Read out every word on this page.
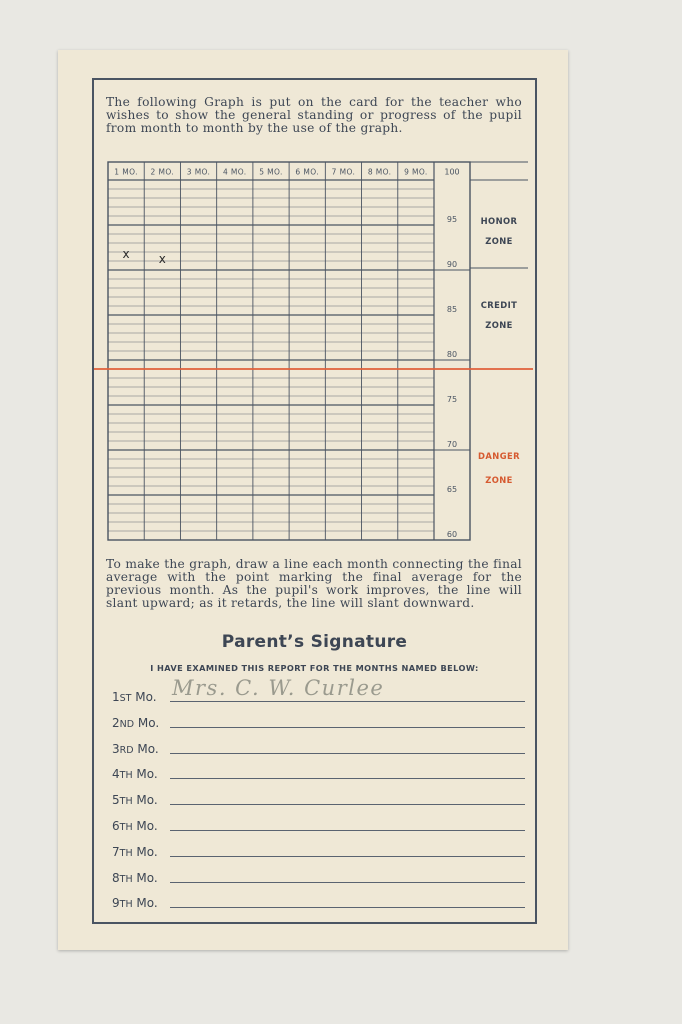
The following Graph is put on the card for the teacher who wishes to show the general standing or progress of the pupil from month to month by the use of the graph.
1 MO. 2 MO. 3 MO. 4 MO. 5 MO. 6 MO. 7 MO. 8 MO. 9 MO. 100
95
90
85
80
75
70
65
60
HONOR
ZONE
CREDIT
ZONE
DANGER
ZONE
x x
To make the graph, draw a line each month connecting the final average with the point marking the final average for the previous month. As the pupil's work improves, the line will slant upward; as it retards, the line will slant downward.
Parent’s Signature
I HAVE EXAMINED THIS REPORT FOR THE MONTHS NAMED BELOW:
1ST Mo. Mrs. C. W. Curlee
2ND Mo.
3RD Mo.
4TH Mo.
5TH Mo.
6TH Mo.
7TH Mo.
8TH Mo.
9TH Mo.
